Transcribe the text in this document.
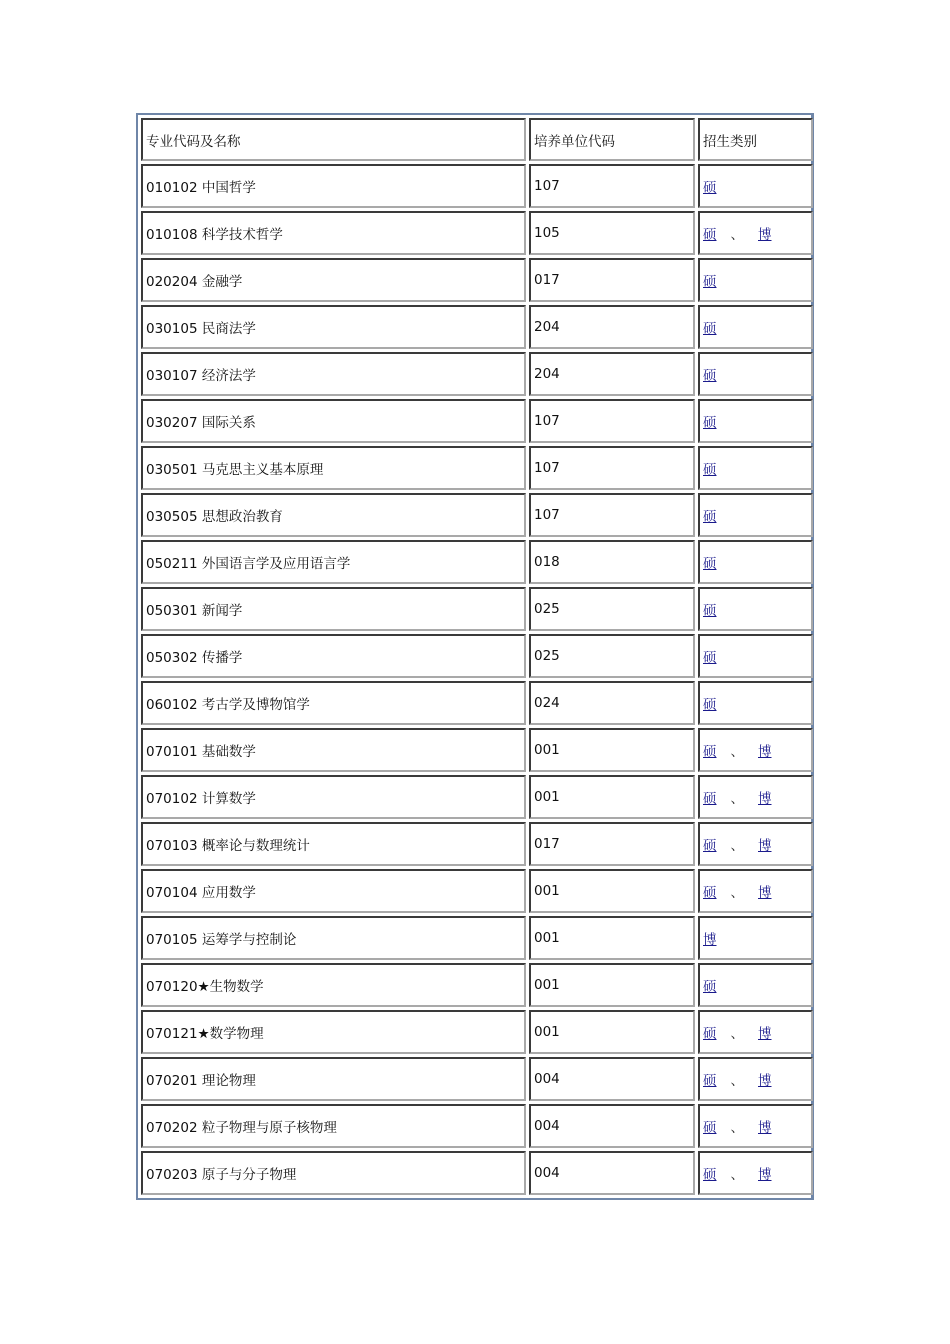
专业代码及名称	培养单位代码	招生类别
010102 中国哲学	107	硕
010108 科学技术哲学	105	硕 、 博
020204 金融学	017	硕
030105 民商法学	204	硕
030107 经济法学	204	硕
030207 国际关系	107	硕
030501 马克思主义基本原理	107	硕
030505 思想政治教育	107	硕
050211 外国语言学及应用语言学	018	硕
050301 新闻学	025	硕
050302 传播学	025	硕
060102 考古学及博物馆学	024	硕
070101 基础数学	001	硕 、 博
070102 计算数学	001	硕 、 博
070103 概率论与数理统计	017	硕 、 博
070104 应用数学	001	硕 、 博
070105 运筹学与控制论	001	博
070120★生物数学	001	硕
070121★数学物理	001	硕 、 博
070201 理论物理	004	硕 、 博
070202 粒子物理与原子核物理	004	硕 、 博
070203 原子与分子物理	004	硕 、 博
